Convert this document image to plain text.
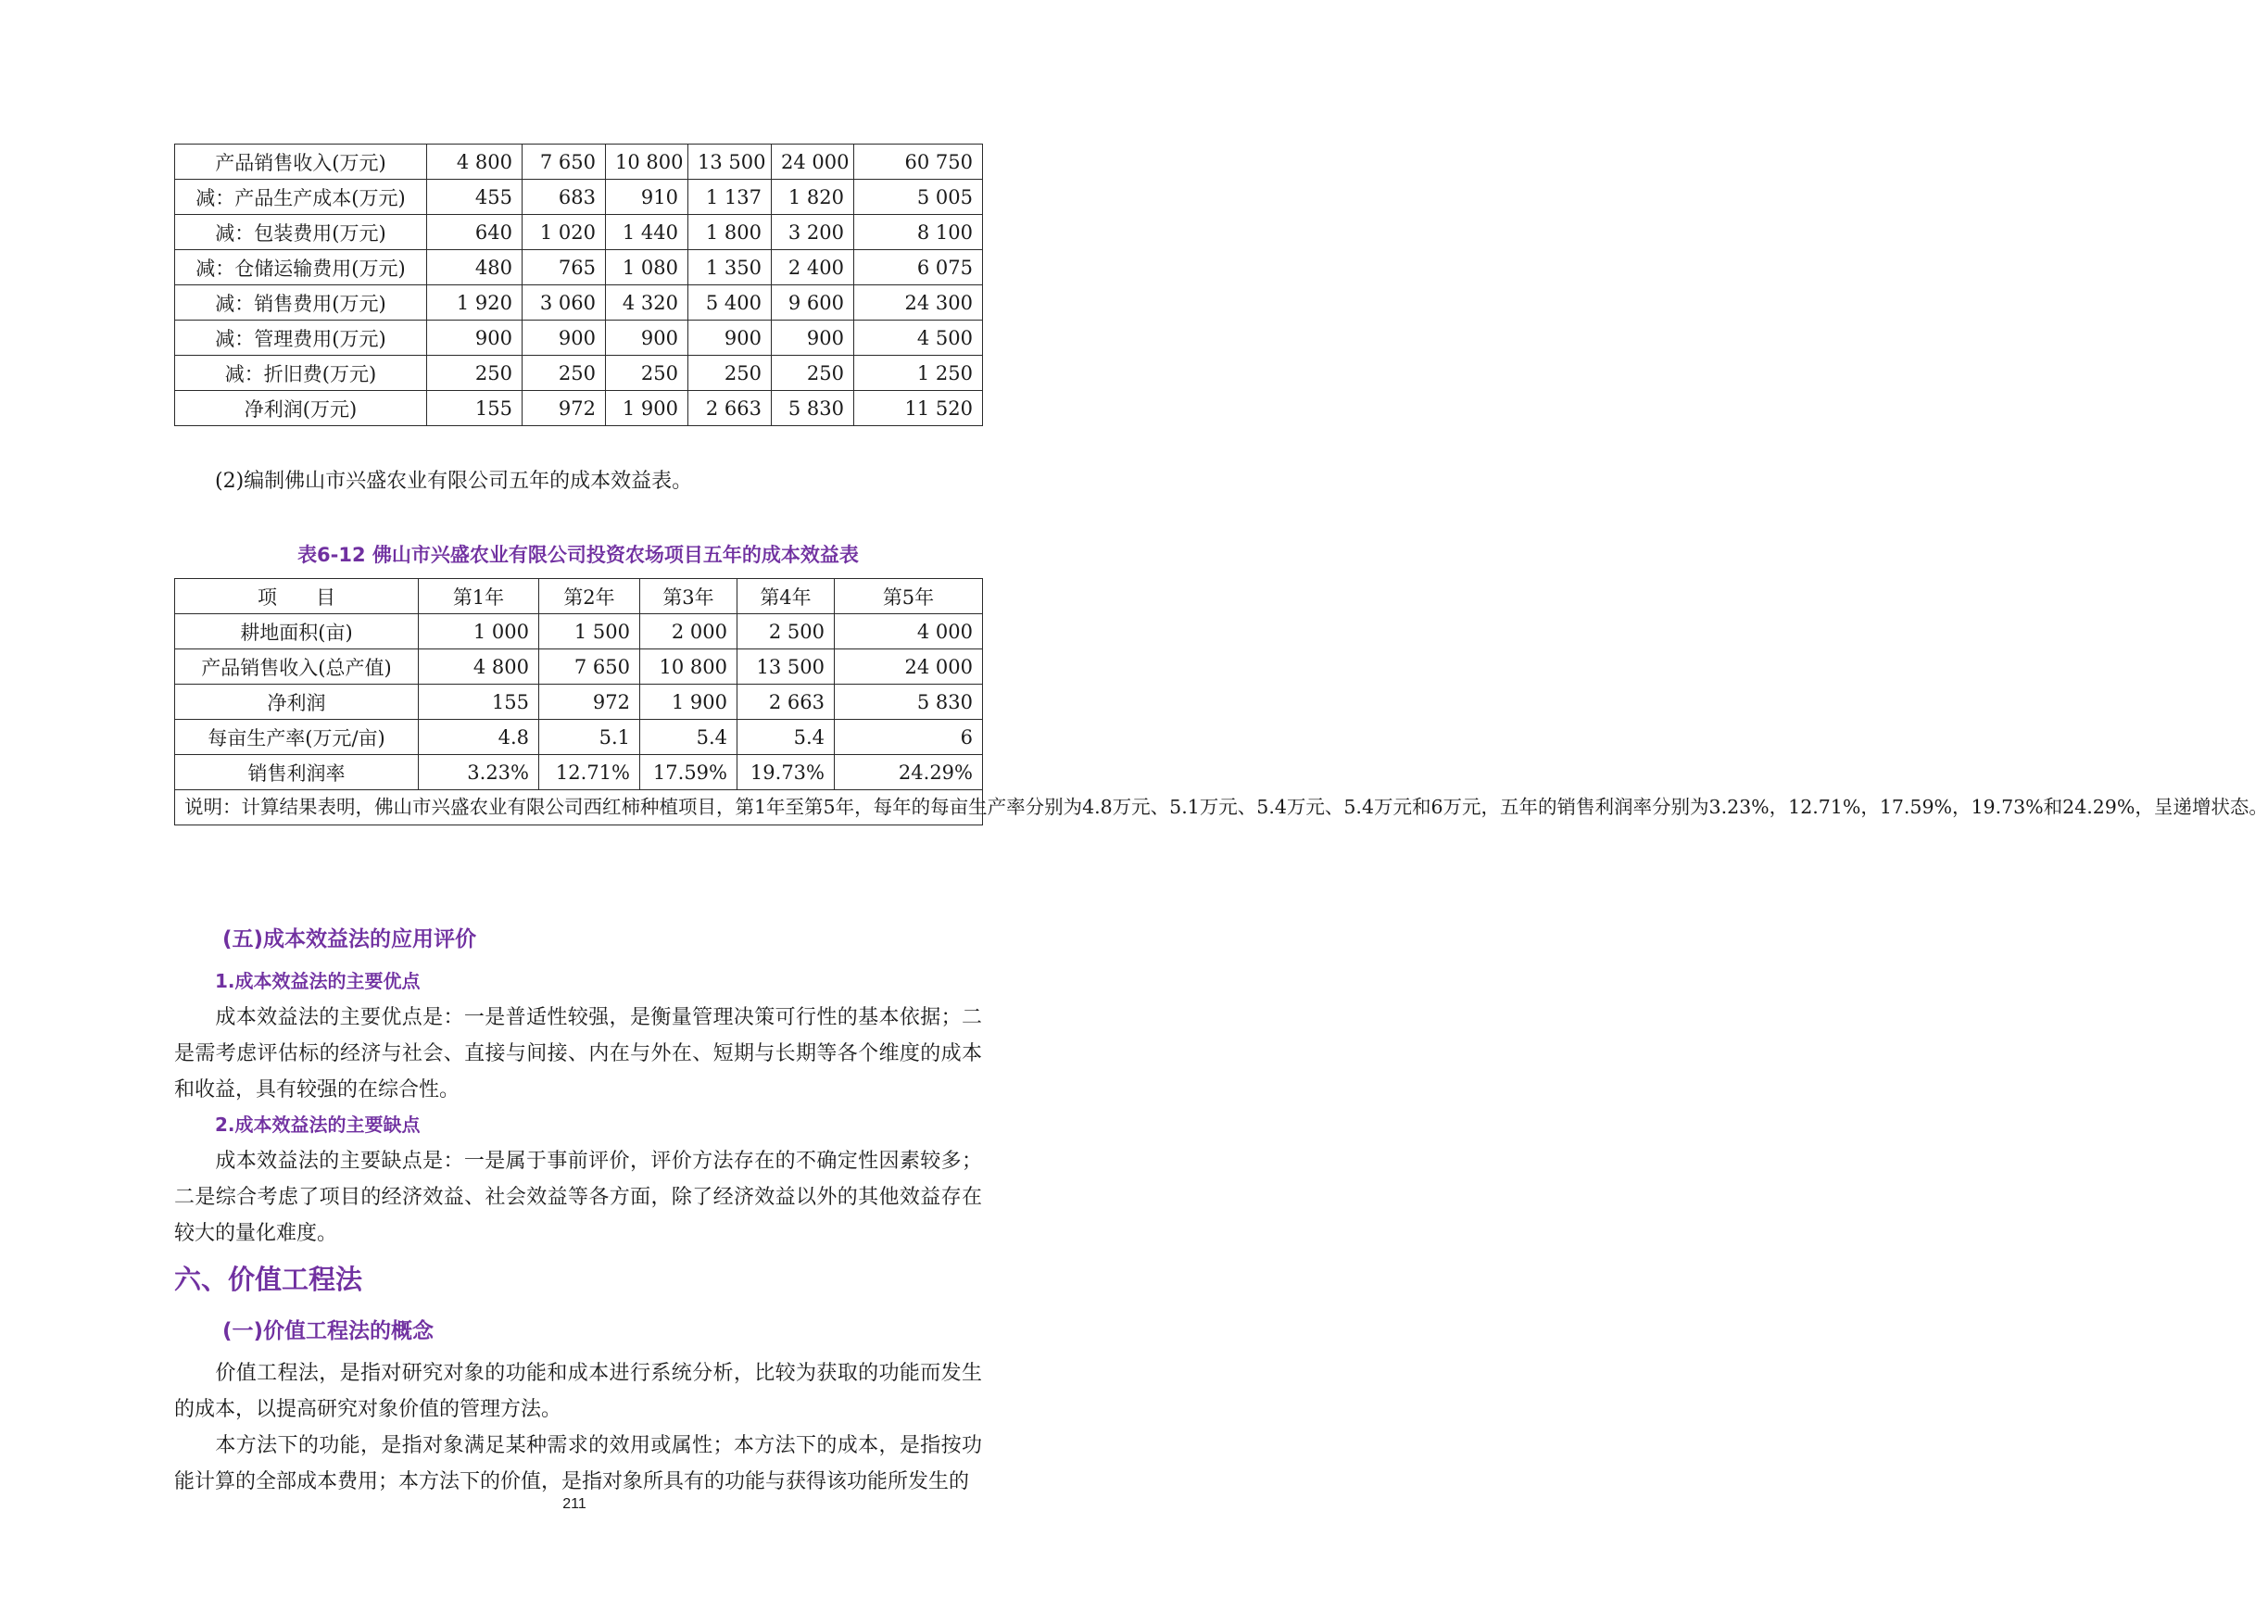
产品销售收入(万元)	4 800	7 650	10 800	13 500	24 000	60 750
减：产品生产成本(万元)	455	683	910	1 137	1 820	5 005
减：包装费用(万元)	640	1 020	1 440	1 800	3 200	8 100
减：仓储运输费用(万元)	480	765	1 080	1 350	2 400	6 075
减：销售费用(万元)	1 920	3 060	4 320	5 400	9 600	24 300
减：管理费用(万元)	900	900	900	900	900	4 500
减：折旧费(万元)	250	250	250	250	250	1 250
净利润(万元)	155	972	1 900	2 663	5 830	11 520
(2)编制佛山市兴盛农业有限公司五年的成本效益表。
表6-12 佛山市兴盛农业有限公司投资农场项目五年的成本效益表
项　　目	第1年	第2年	第3年	第4年	第5年
耕地面积(亩)	1 000	1 500	2 000	2 500	4 000
产品销售收入(总产值)	4 800	7 650	10 800	13 500	24 000
净利润	155	972	1 900	2 663	5 830
每亩生产率(万元/亩)	4.8	5.1	5.4	5.4	6
销售利润率	3.23%	12.71%	17.59%	19.73%	24.29%
说明：计算结果表明，佛山市兴盛农业有限公司西红柿种植项目，第1年至第5年，每年的每亩生产率分别为4.8万元、5.1万元、5.4万元、5.4万元和6万元，五年的销售利润率分别为3.23%，12.71%，17.59%，19.73%和24.29%，呈递增状态。					
(五)成本效益法的应用评价
1.成本效益法的主要优点
成本效益法的主要优点是：一是普适性较强，是衡量管理决策可行性的基本依据；二是需考虑评估标的经济与社会、直接与间接、内在与外在、短期与长期等各个维度的成本和收益，具有较强的在综合性。
2.成本效益法的主要缺点
成本效益法的主要缺点是：一是属于事前评价，评价方法存在的不确定性因素较多；二是综合考虑了项目的经济效益、社会效益等各方面，除了经济效益以外的其他效益存在较大的量化难度。
六、价值工程法
(一)价值工程法的概念
价值工程法，是指对研究对象的功能和成本进行系统分析，比较为获取的功能而发生的成本，以提高研究对象价值的管理方法。
本方法下的功能，是指对象满足某种需求的效用或属性；本方法下的成本，是指按功能计算的全部成本费用；本方法下的价值，是指对象所具有的功能与获得该功能所发生的
211
